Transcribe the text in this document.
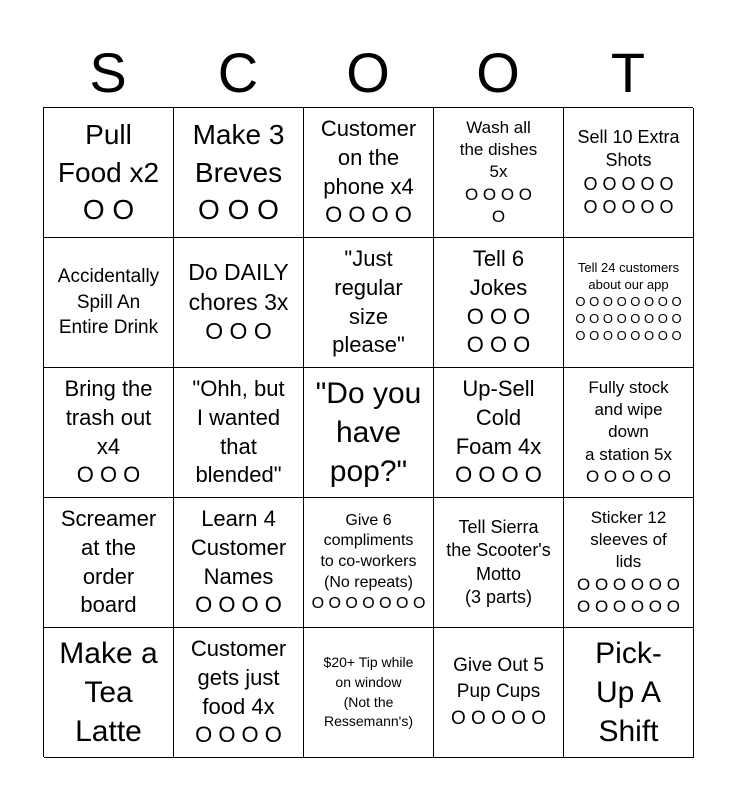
S	C	O	O	T
Pull
Food x2
O O
Make 3
Breves
O O O
Customer
on the
phone x4
O O O O
Wash all
the dishes
5x
O O O O
O
Sell 10 Extra
Shots
O O O O O
O O O O O
Accidentally
Spill An
Entire Drink
Do DAILY
chores 3x
O O O
"Just
regular
size
please"
Tell 6
Jokes
O O O
O O O
Tell 24 customers
about our app
O O O O O O O O
O O O O O O O O
O O O O O O O O
Bring the
trash out
x4
O O O
"Ohh, but
I wanted
that
blended"
"Do you
have
pop?"
Up-Sell
Cold
Foam 4x
O O O O
Fully stock
and wipe
down
a station 5x
O O O O O
Screamer
at the
order
board
Learn 4
Customer
Names
O O O O
Give 6
compliments
to co-workers
(No repeats)
O O O O O O O
Tell Sierra
the Scooter's
Motto
(3 parts)
Sticker 12
sleeves of
lids
O O O O O O
O O O O O O
Make a
Tea
Latte
Customer
gets just
food 4x
O O O O
$20+ Tip while
on window
(Not the
Ressemann's)
Give Out 5
Pup Cups
O O O O O
Pick-
Up A
Shift
